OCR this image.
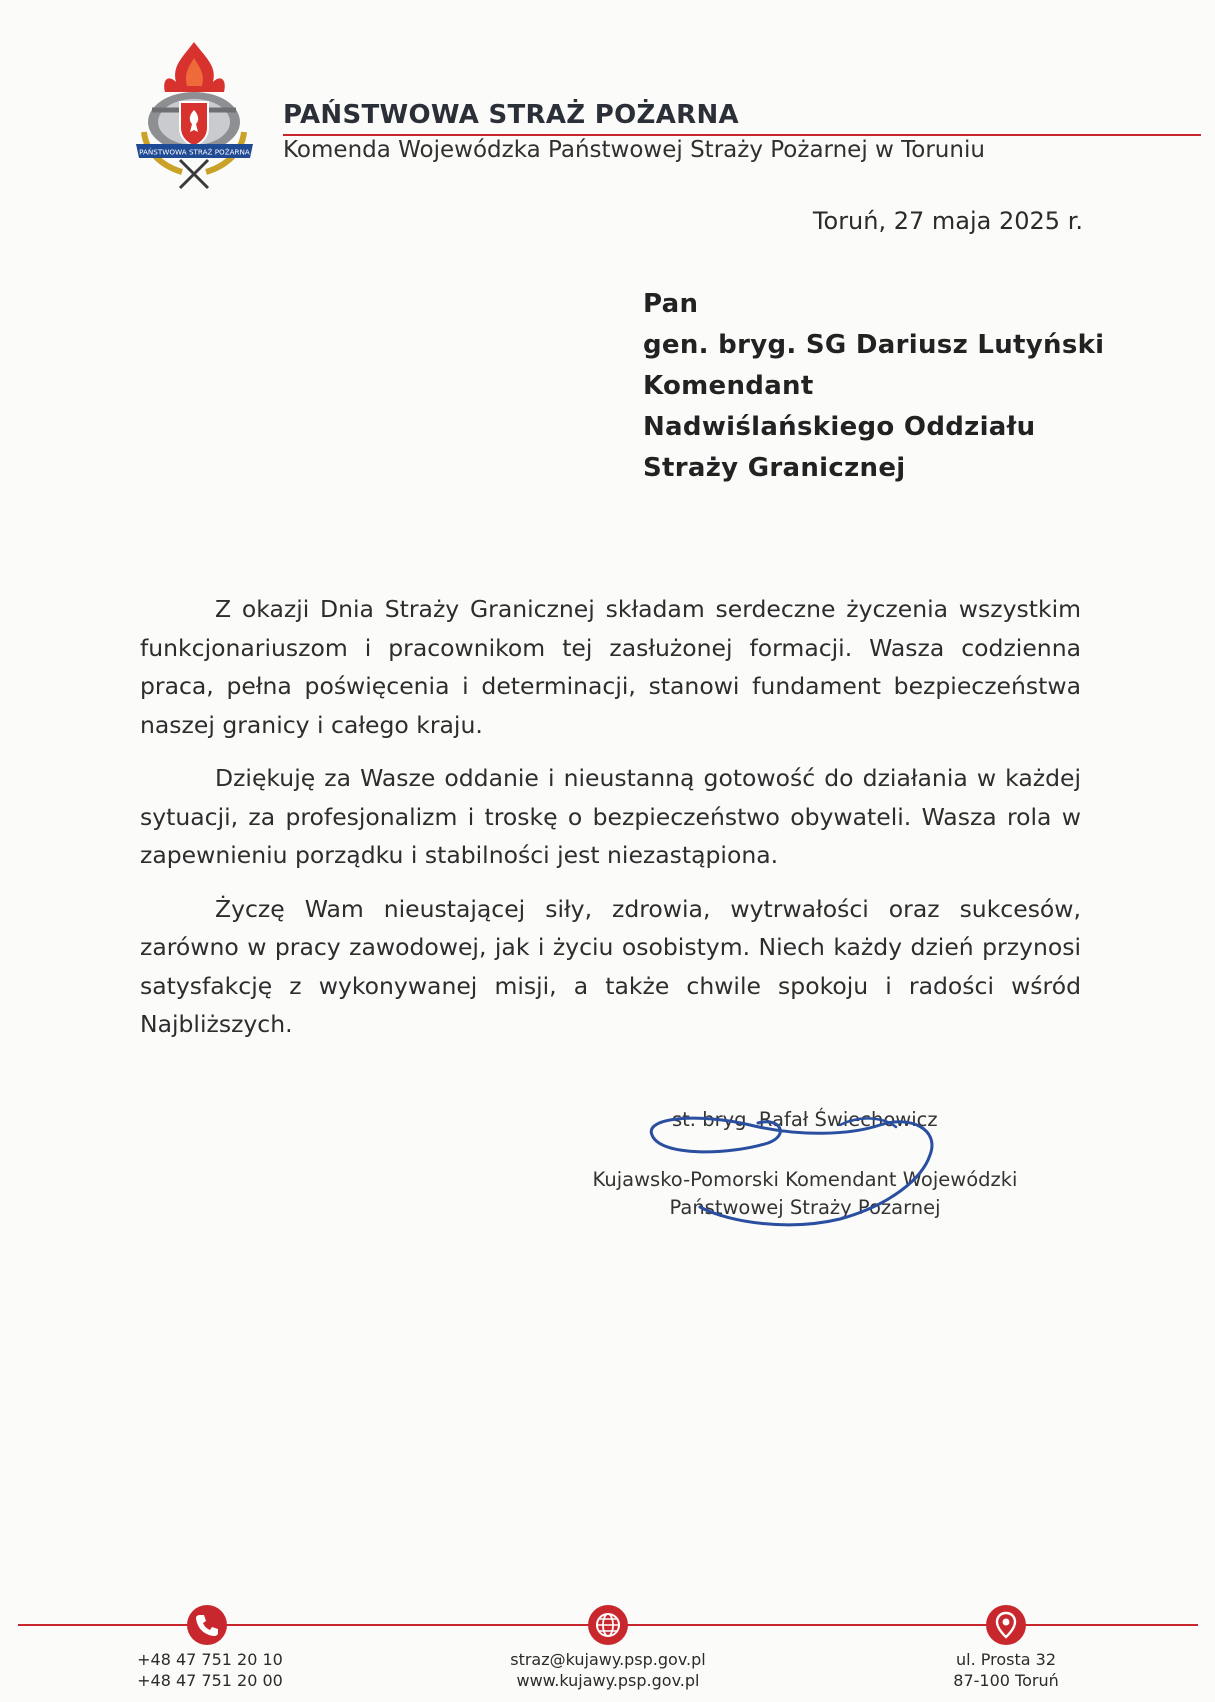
PAŃSTWOWA STRAŻ POŻARNA
PAŃSTWOWA STRAŻ POŻARNA
Komenda Wojewódzka Państwowej Straży Pożarnej w Toruniu
Toruń, 27 maja 2025 r.
Pan
gen. bryg. SG Dariusz Lutyński
Komendant
Nadwiślańskiego Oddziału
Straży Granicznej

Z okazji Dnia Straży Granicznej składam serdeczne życzenia wszystkim funkcjonariuszom i pracownikom tej zasłużonej formacji. Wasza codzienna praca, pełna poświęcenia i determinacji, stanowi fundament bezpieczeństwa naszej granicy i całego kraju.

Dziękuję za Wasze oddanie i nieustanną gotowość do działania w każdej sytuacji, za profesjonalizm i troskę o bezpieczeństwo obywateli. Wasza rola w zapewnieniu porządku i stabilności jest niezastąpiona.

Życzę Wam nieustającej siły, zdrowia, wytrwałości oraz sukcesów, zarówno w pracy zawodowej, jak i życiu osobistym. Niech każdy dzień przynosi satysfakcję z wykonywanej misji, a także chwile spokoju i radości wśród Najbliższych.

st. bryg. Rafał Świechowicz
Kujawsko-Pomorski Komendant Wojewódzki
Państwowej Straży Pożarnej
+48 47 751 20 10
+48 47 751 20 00
straz@kujawy.psp.gov.pl
www.kujawy.psp.gov.pl
ul. Prosta 32
87-100 Toruń
